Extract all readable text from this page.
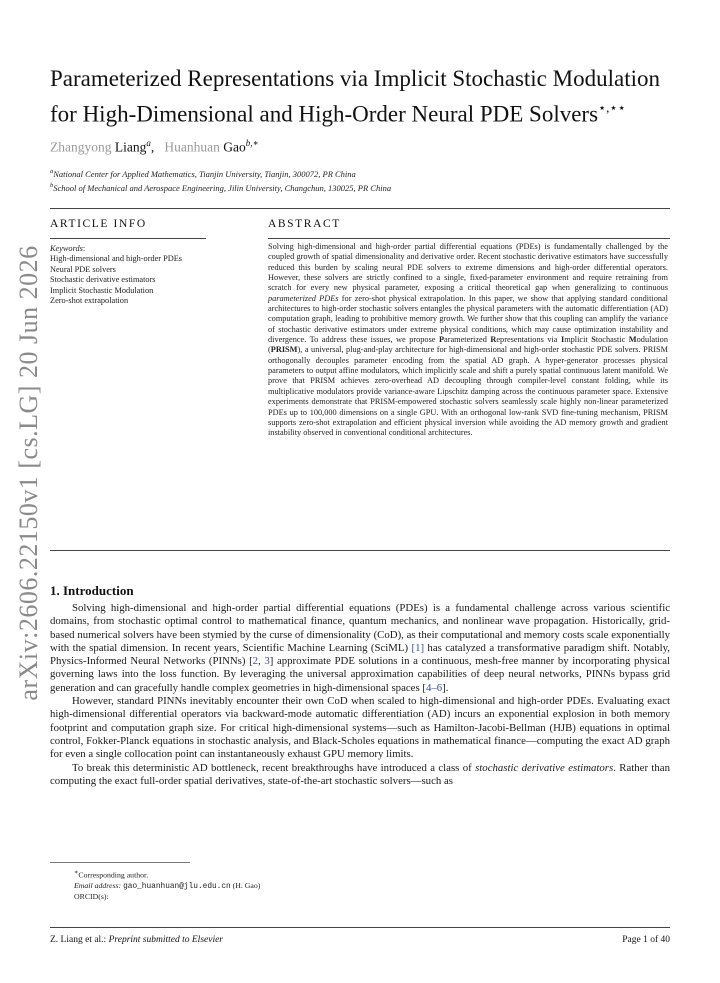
arXiv:2606.22150v1 [cs.LG] 20 Jun 2026
Parameterized Representations via Implicit Stochastic Modulation
for High-Dimensional and High-Order Neural PDE Solvers⋆,⋆⋆
Zhangyong Liang$^a$,   Huanhuan Gao$^{b,∗}$
$^a$National Center for Applied Mathematics, Tianjin University, Tianjin, 300072, PR China
$^b$School of Mechanical and Aerospace Engineering, Jilin University, Changchun, 130025, PR China
ARTICLE INFO
Keywords:
High-dimensional and high-order PDEs
Neural PDE solvers
Stochastic derivative estimators
Implicit Stochastic Modulation
Zero-shot extrapolation
ABSTRACT
Solving high-dimensional and high-order partial differential equations (PDEs) is fundamentally challenged by the coupled growth of spatial dimensionality and derivative order. Recent stochastic derivative estimators have successfully reduced this burden by scaling neural PDE solvers to extreme dimensions and high-order differential operators. However, these solvers are strictly confined to a single, fixed-parameter environment and require retraining from scratch for every new physical parameter, exposing a critical theoretical gap when generalizing to continuous parameterized PDEs for zero-shot physical extrapolation. In this paper, we show that applying standard conditional architectures to high-order stochastic solvers entangles the physical parameters with the automatic differentiation (AD) computation graph, leading to prohibitive memory growth. We further show that this coupling can amplify the variance of stochastic derivative estimators under extreme physical conditions, which may cause optimization instability and divergence. To address these issues, we propose Parameterized Representations via Implicit Stochastic Modulation (PRISM), a universal, plug-and-play architecture for high-dimensional and high-order stochastic PDE solvers. PRISM orthogonally decouples parameter encoding from the spatial AD graph. A hyper-generator processes physical parameters to output affine modulators, which implicitly scale and shift a purely spatial continuous latent manifold. We prove that PRISM achieves zero-overhead AD decoupling through compiler-level constant folding, while its multiplicative modulators provide variance-aware Lipschitz damping across the continuous parameter space. Extensive experiments demonstrate that PRISM-empowered stochastic solvers seamlessly scale highly non-linear parameterized PDEs up to 100,000 dimensions on a single GPU. With an orthogonal low-rank SVD fine-tuning mechanism, PRISM supports zero-shot extrapolation and efficient physical inversion while avoiding the AD memory growth and gradient instability observed in conventional conditional architectures.
1. Introduction

Solving high-dimensional and high-order partial differential equations (PDEs) is a fundamental challenge across various scientific domains, from stochastic optimal control to mathematical finance, quantum mechanics, and nonlinear wave propagation. Historically, grid-based numerical solvers have been stymied by the curse of dimensionality (CoD), as their computational and memory costs scale exponentially with the spatial dimension. In recent years, Scientific Machine Learning (SciML) [1] has catalyzed a transformative paradigm shift. Notably, Physics-Informed Neural Networks (PINNs) [2, 3] approximate PDE solutions in a continuous, mesh-free manner by incorporating physical governing laws into the loss function. By leveraging the universal approximation capabilities of deep neural networks, PINNs bypass grid generation and can gracefully handle complex geometries in high-dimensional spaces [4–6].

However, standard PINNs inevitably encounter their own CoD when scaled to high-dimensional and high-order PDEs. Evaluating exact high-dimensional differential operators via backward-mode automatic differentiation (AD) incurs an exponential explosion in both memory footprint and computation graph size. For critical high-dimensional systems—such as Hamilton-Jacobi-Bellman (HJB) equations in optimal control, Fokker-Planck equations in stochastic analysis, and Black-Scholes equations in mathematical finance—computing the exact AD graph for even a single collocation point can instantaneously exhaust GPU memory limits.

To break this deterministic AD bottleneck, recent breakthroughs have introduced a class of stochastic derivative estimators. Rather than computing the exact full-order spatial derivatives, state-of-the-art stochastic solvers—such as

∗Corresponding author.
Email address: gao_huanhuan@jlu.edu.cn (H. Gao)
ORCID(s):
Z. Liang et al.: Preprint submitted to Elsevier	Page 1 of 40
